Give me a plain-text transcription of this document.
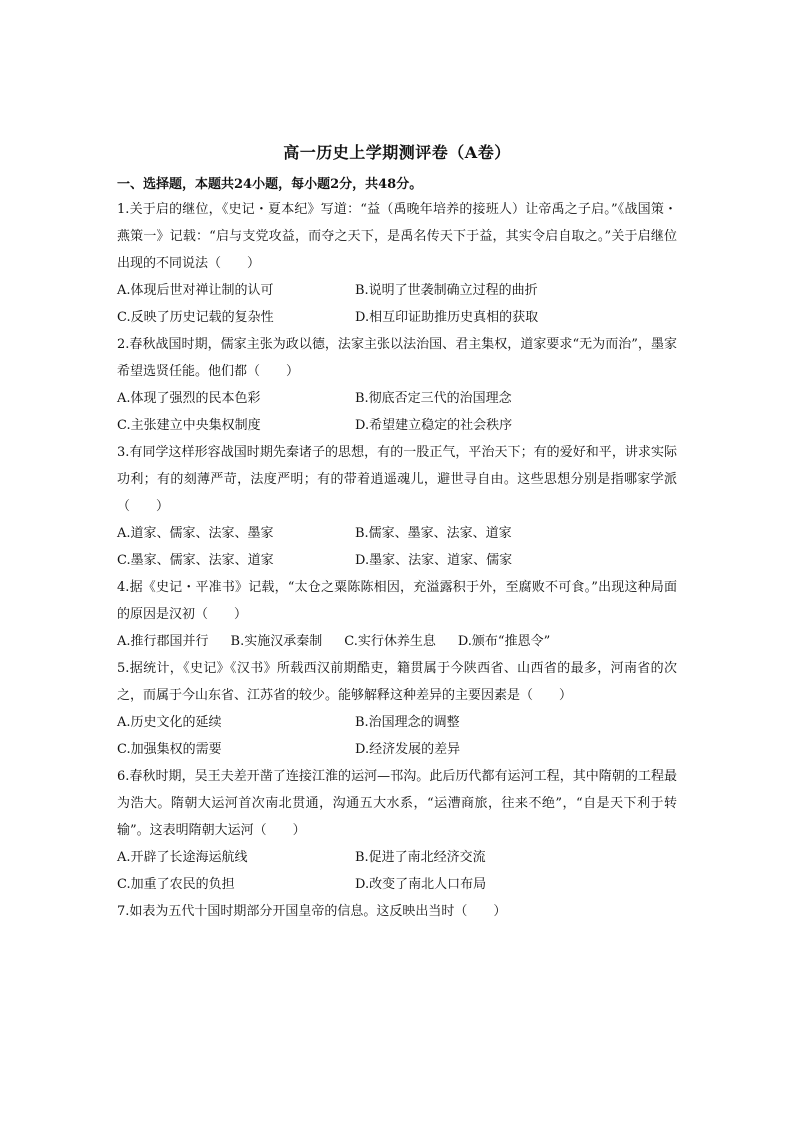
高一历史上学期测评卷（A卷）
一、选择题，本题共24小题，每小题2分，共48分。

1.关于启的继位，《史记・夏本纪》写道：“益（禹晚年培养的接班人）让帝禹之子启。”《战国策・燕策一》记载：“启与支党攻益，而夺之天下，是禹名传天下于益，其实令启自取之。”关于启继位出现的不同说法（　　）

A.体现后世对禅让制的认可	B.说明了世袭制确立过程的曲折
C.反映了历史记载的复杂性	D.相互印证助推历史真相的获取

2.春秋战国时期，儒家主张为政以德，法家主张以法治国、君主集权，道家要求“无为而治”，墨家希望选贤任能。他们都（　　）

A.体现了强烈的民本色彩	B.彻底否定三代的治国理念
C.主张建立中央集权制度	D.希望建立稳定的社会秩序

3.有同学这样形容战国时期先秦诸子的思想，有的一股正气，平治天下；有的爱好和平，讲求实际功利；有的刻薄严苛，法度严明；有的带着逍遥魂儿，避世寻自由。这些思想分别是指哪家学派（　　）

A.道家、儒家、法家、墨家	B.儒家、墨家、法家、道家
C.墨家、儒家、法家、道家	D.墨家、法家、道家、儒家

4.据《史记・平准书》记载，“太仓之粟陈陈相因，充溢露积于外，至腐败不可食。”出现这种局面的原因是汉初（　　）

A.推行郡国并行 B.实施汉承秦制 C.实行休养生息 D.颁布“推恩令”

5.据统计，《史记》《汉书》所载西汉前期酷吏，籍贯属于今陕西省、山西省的最多，河南省的次之，而属于今山东省、江苏省的较少。能够解释这种差异的主要因素是（　　）

A.历史文化的延续	B.治国理念的调整
C.加强集权的需要	D.经济发展的差异

6.春秋时期，吴王夫差开凿了连接江淮的运河—邗沟。此后历代都有运河工程，其中隋朝的工程最为浩大。隋朝大运河首次南北贯通，沟通五大水系，“运漕商旅，往来不绝”，“自是天下利于转输”。这表明隋朝大运河（　　）

A.开辟了长途海运航线	B.促进了南北经济交流
C.加重了农民的负担	D.改变了南北人口布局

7.如表为五代十国时期部分开国皇帝的信息。这反映出当时（　　）
